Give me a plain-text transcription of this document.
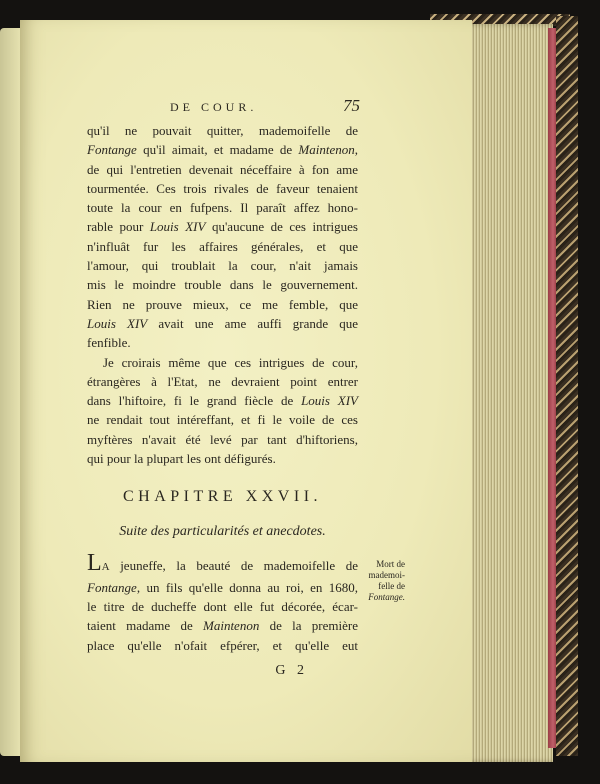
DE COUR.	75
qu'il ne pouvait quitter, mademoifelle de
Fontange qu'il aimait, et madame de Maintenon,
de qui l'entretien devenait néceffaire à fon ame
tourmentée. Ces trois rivales de faveur tenaient
toute la cour en fufpens. Il paraît affez hono-
rable pour Louis XIV qu'aucune de ces intrigues
n'influât fur les affaires générales, et que
l'amour, qui troublait la cour, n'ait jamais
mis le moindre trouble dans le gouvernement.
Rien ne prouve mieux, ce me femble, que
Louis XIV avait une ame auffi grande que
fenfible.
Je croirais même que ces intrigues de cour,
étrangères à l'Etat, ne devraient point entrer
dans l'hiftoire, fi le grand fiècle de Louis XIV
ne rendait tout intéreffant, et fi le voile de ces
myftères n'avait été levé par tant d'hiftoriens,
qui pour la plupart les ont défigurés.
CHAPITRE XXVII.
Suite des particularités et anecdotes.
Mort de
mademoi-
felle de
Fontange.
LA jeuneffe, la beauté de mademoifelle de
Fontange, un fils qu'elle donna au roi, en 1680,
le titre de ducheffe dont elle fut décorée, écar-
taient madame de Maintenon de la première
place qu'elle n'ofait efpérer, et qu'elle eut
G 2
